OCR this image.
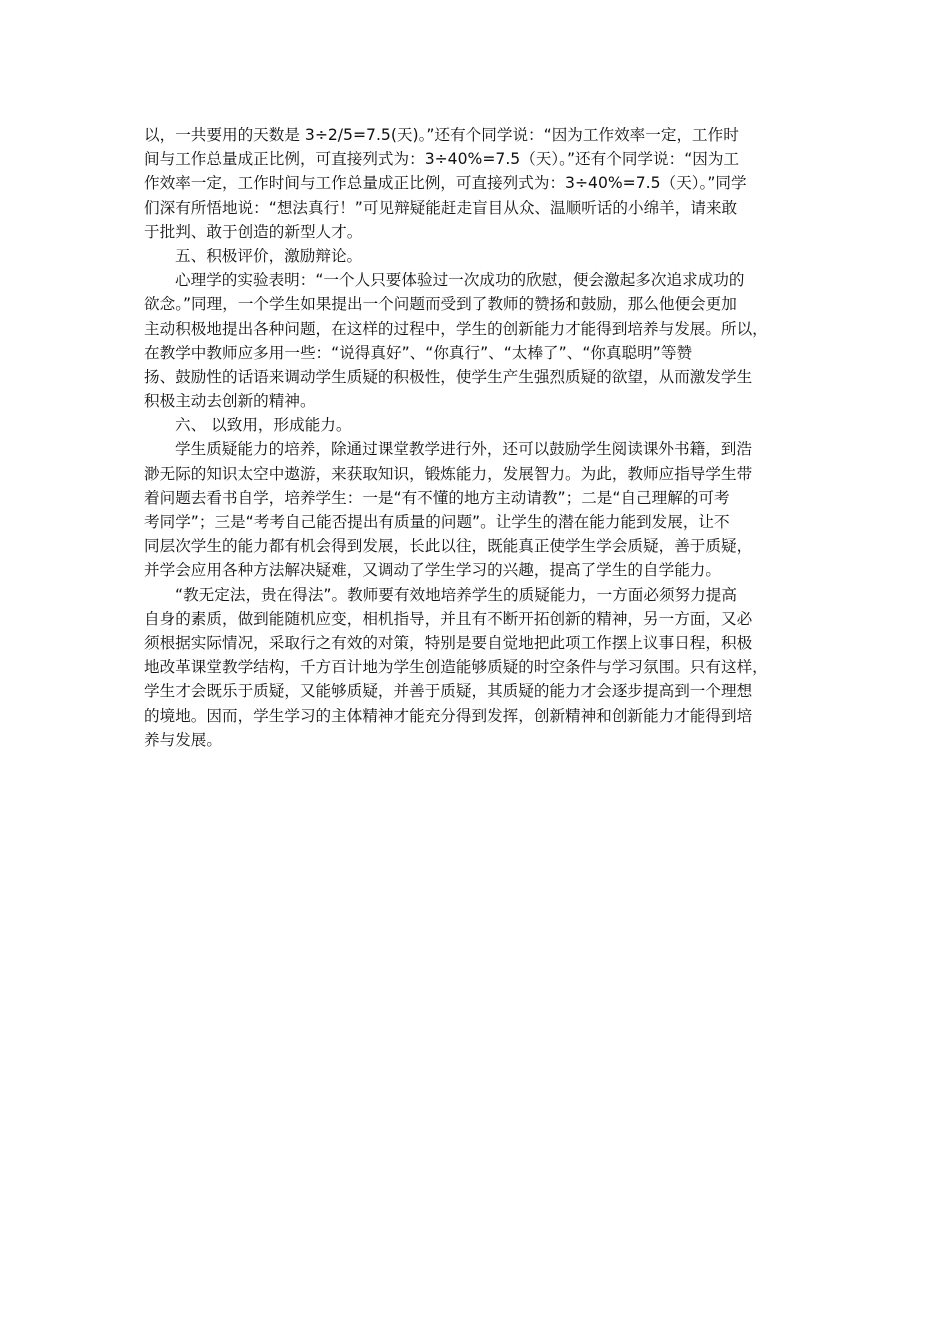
以，一共要用的天数是 3÷2/5=7.5(天)。”还有个同学说：“因为工作效率一定，工作时
间与工作总量成正比例，可直接列式为：3÷40%=7.5（天）。”还有个同学说：“因为工
作效率一定，工作时间与工作总量成正比例，可直接列式为：3÷40%=7.5（天）。”同学
们深有所悟地说：“想法真行！”可见辩疑能赶走盲目从众、温顺听话的小绵羊，请来敢
于批判、敢于创造的新型人才。
五、积极评价，激励辩论。
心理学的实验表明：“一个人只要体验过一次成功的欣慰，便会激起多次追求成功的
欲念。”同理，一个学生如果提出一个问题而受到了教师的赞扬和鼓励，那么他便会更加
主动积极地提出各种问题，在这样的过程中，学生的创新能力才能得到培养与发展。所以，
在教学中教师应多用一些：“说得真好”、“你真行”、“太棒了”、“你真聪明”等赞
扬、鼓励性的话语来调动学生质疑的积极性，使学生产生强烈质疑的欲望，从而激发学生
积极主动去创新的精神。
六、 以致用，形成能力。
学生质疑能力的培养，除通过课堂教学进行外，还可以鼓励学生阅读课外书籍，到浩
渺无际的知识太空中遨游，来获取知识，锻炼能力，发展智力。为此，教师应指导学生带
着问题去看书自学，培养学生：一是“有不懂的地方主动请教”；二是“自己理解的可考
考同学”；三是“考考自己能否提出有质量的问题”。让学生的潜在能力能到发展，让不
同层次学生的能力都有机会得到发展，长此以往，既能真正使学生学会质疑，善于质疑，
并学会应用各种方法解决疑难，又调动了学生学习的兴趣，提高了学生的自学能力。
“教无定法，贵在得法”。教师要有效地培养学生的质疑能力，一方面必须努力提高
自身的素质，做到能随机应变，相机指导，并且有不断开拓创新的精神，另一方面，又必
须根据实际情况，采取行之有效的对策，特别是要自觉地把此项工作摆上议事日程，积极
地改革课堂教学结构，千方百计地为学生创造能够质疑的时空条件与学习氛围。只有这样，
学生才会既乐于质疑，又能够质疑，并善于质疑，其质疑的能力才会逐步提高到一个理想
的境地。因而，学生学习的主体精神才能充分得到发挥，创新精神和创新能力才能得到培
养与发展。
